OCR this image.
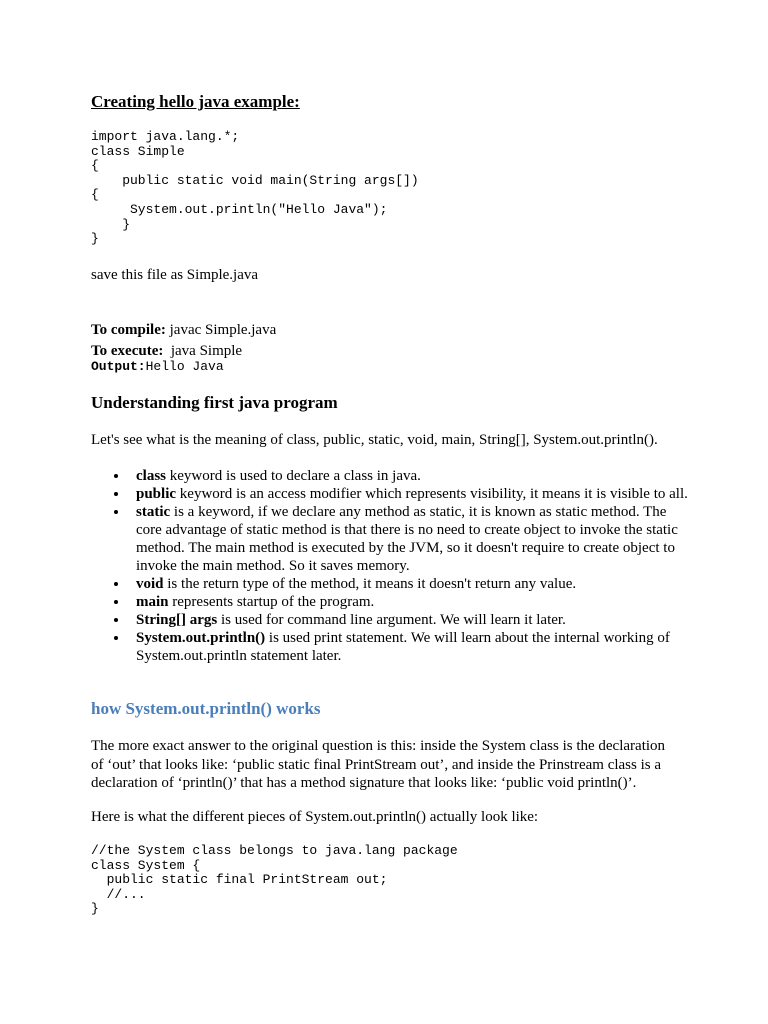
Creating hello java example:
import java.lang.*;
class Simple
{
public static void main(String args[])
{
System.out.println("Hello Java");
}
}
save this file as Simple.java
To compile: javac Simple.java
To execute:  java Simple
Output:Hello Java
Understanding first java program
Let's see what is the meaning of class, public, static, void, main, String[], System.out.println().
class keyword is used to declare a class in java.
public keyword is an access modifier which represents visibility, it means it is visible to all.
static is a keyword, if we declare any method as static, it is known as static method. The core advantage of static method is that there is no need to create object to invoke the static method. The main method is executed by the JVM, so it doesn't require to create object to invoke the main method. So it saves memory.
void is the return type of the method, it means it doesn't return any value.
main represents startup of the program.
String[] args is used for command line argument. We will learn it later.
System.out.println() is used print statement. We will learn about the internal working of System.out.println statement later.
how System.out.println() works
The more exact answer to the original question is this: inside the System class is the declaration of ‘out’ that looks like: ‘public static final PrintStream out’, and inside the Prinstream class is a declaration of ‘println()’ that has a method signature that looks like: ‘public void println()’.
Here is what the different pieces of System.out.println() actually look like:
//the System class belongs to java.lang package
class System {
public static final PrintStream out;
//...
}
